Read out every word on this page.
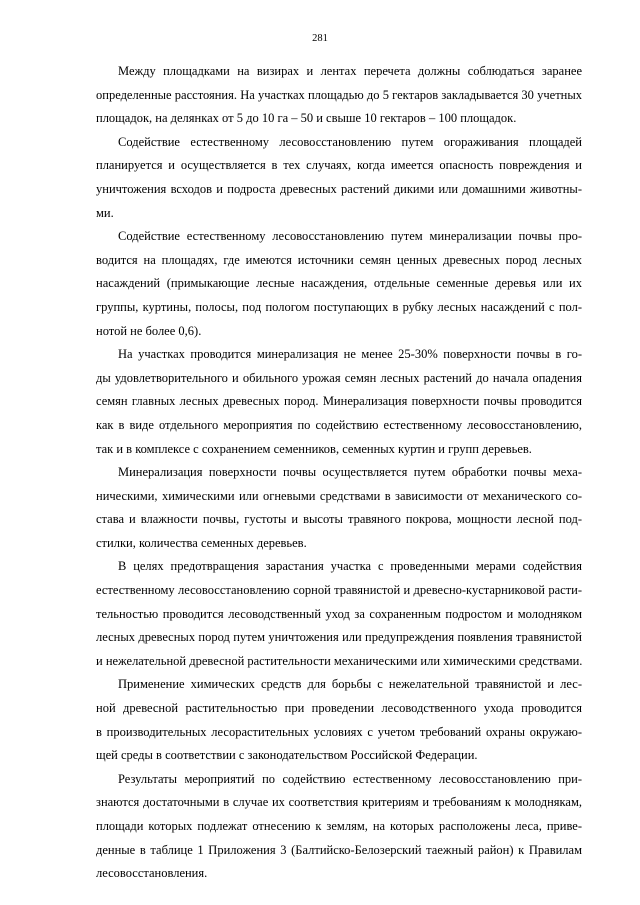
281
Между площадками на визирах и лентах перечета должны соблюдаться заранее
определенные расстояния. На участках площадью до 5 гектаров закладывается 30 учетных
площадок, на делянках от 5 до 10 га – 50 и свыше 10 гектаров – 100 площадок.
Содействие естественному лесовосстановлению путем огораживания площадей
планируется и осуществляется в тех случаях, когда имеется опасность повреждения и
уничтожения всходов и подроста древесных растений дикими или домашними животны-
ми.
Содействие естественному лесовосстановлению путем минерализации почвы про-
водится на площадях, где имеются источники семян ценных древесных пород лесных
насаждений (примыкающие лесные насаждения, отдельные семенные деревья или их
группы, куртины, полосы, под пологом поступающих в рубку лесных насаждений с пол-
нотой не более 0,6).
На участках проводится минерализация не менее 25-30% поверхности почвы в го-
ды удовлетворительного и обильного урожая семян лесных растений до начала опадения
семян главных лесных древесных пород. Минерализация поверхности почвы проводится
как в виде отдельного мероприятия по содействию естественному лесовосстановлению,
так и в комплексе с сохранением семенников, семенных куртин и групп деревьев.
Минерализация поверхности почвы осуществляется путем обработки почвы меха-
ническими, химическими или огневыми средствами в зависимости от механического со-
става и влажности почвы, густоты и высоты травяного покрова, мощности лесной под-
стилки, количества семенных деревьев.
В целях предотвращения зарастания участка с проведенными мерами содействия
естественному лесовосстановлению сорной травянистой и древесно-кустарниковой расти-
тельностью проводится лесоводственный уход за сохраненным подростом и молодняком
лесных древесных пород путем уничтожения или предупреждения появления травянистой
и нежелательной древесной растительности механическими или химическими средствами.
Применение химических средств для борьбы с нежелательной травянистой и лес-
ной древесной растительностью при проведении лесоводственного ухода проводится
в производительных лесорастительных условиях с учетом требований охраны окружаю-
щей среды в соответствии с законодательством Российской Федерации.
Результаты мероприятий по содействию естественному лесовосстановлению при-
знаются достаточными в случае их соответствия критериям и требованиям к молоднякам,
площади которых подлежат отнесению к землям, на которых расположены леса, приве-
денные в таблице 1 Приложения 3 (Балтийско-Белозерский таежный район) к Правилам
лесовосстановления.
